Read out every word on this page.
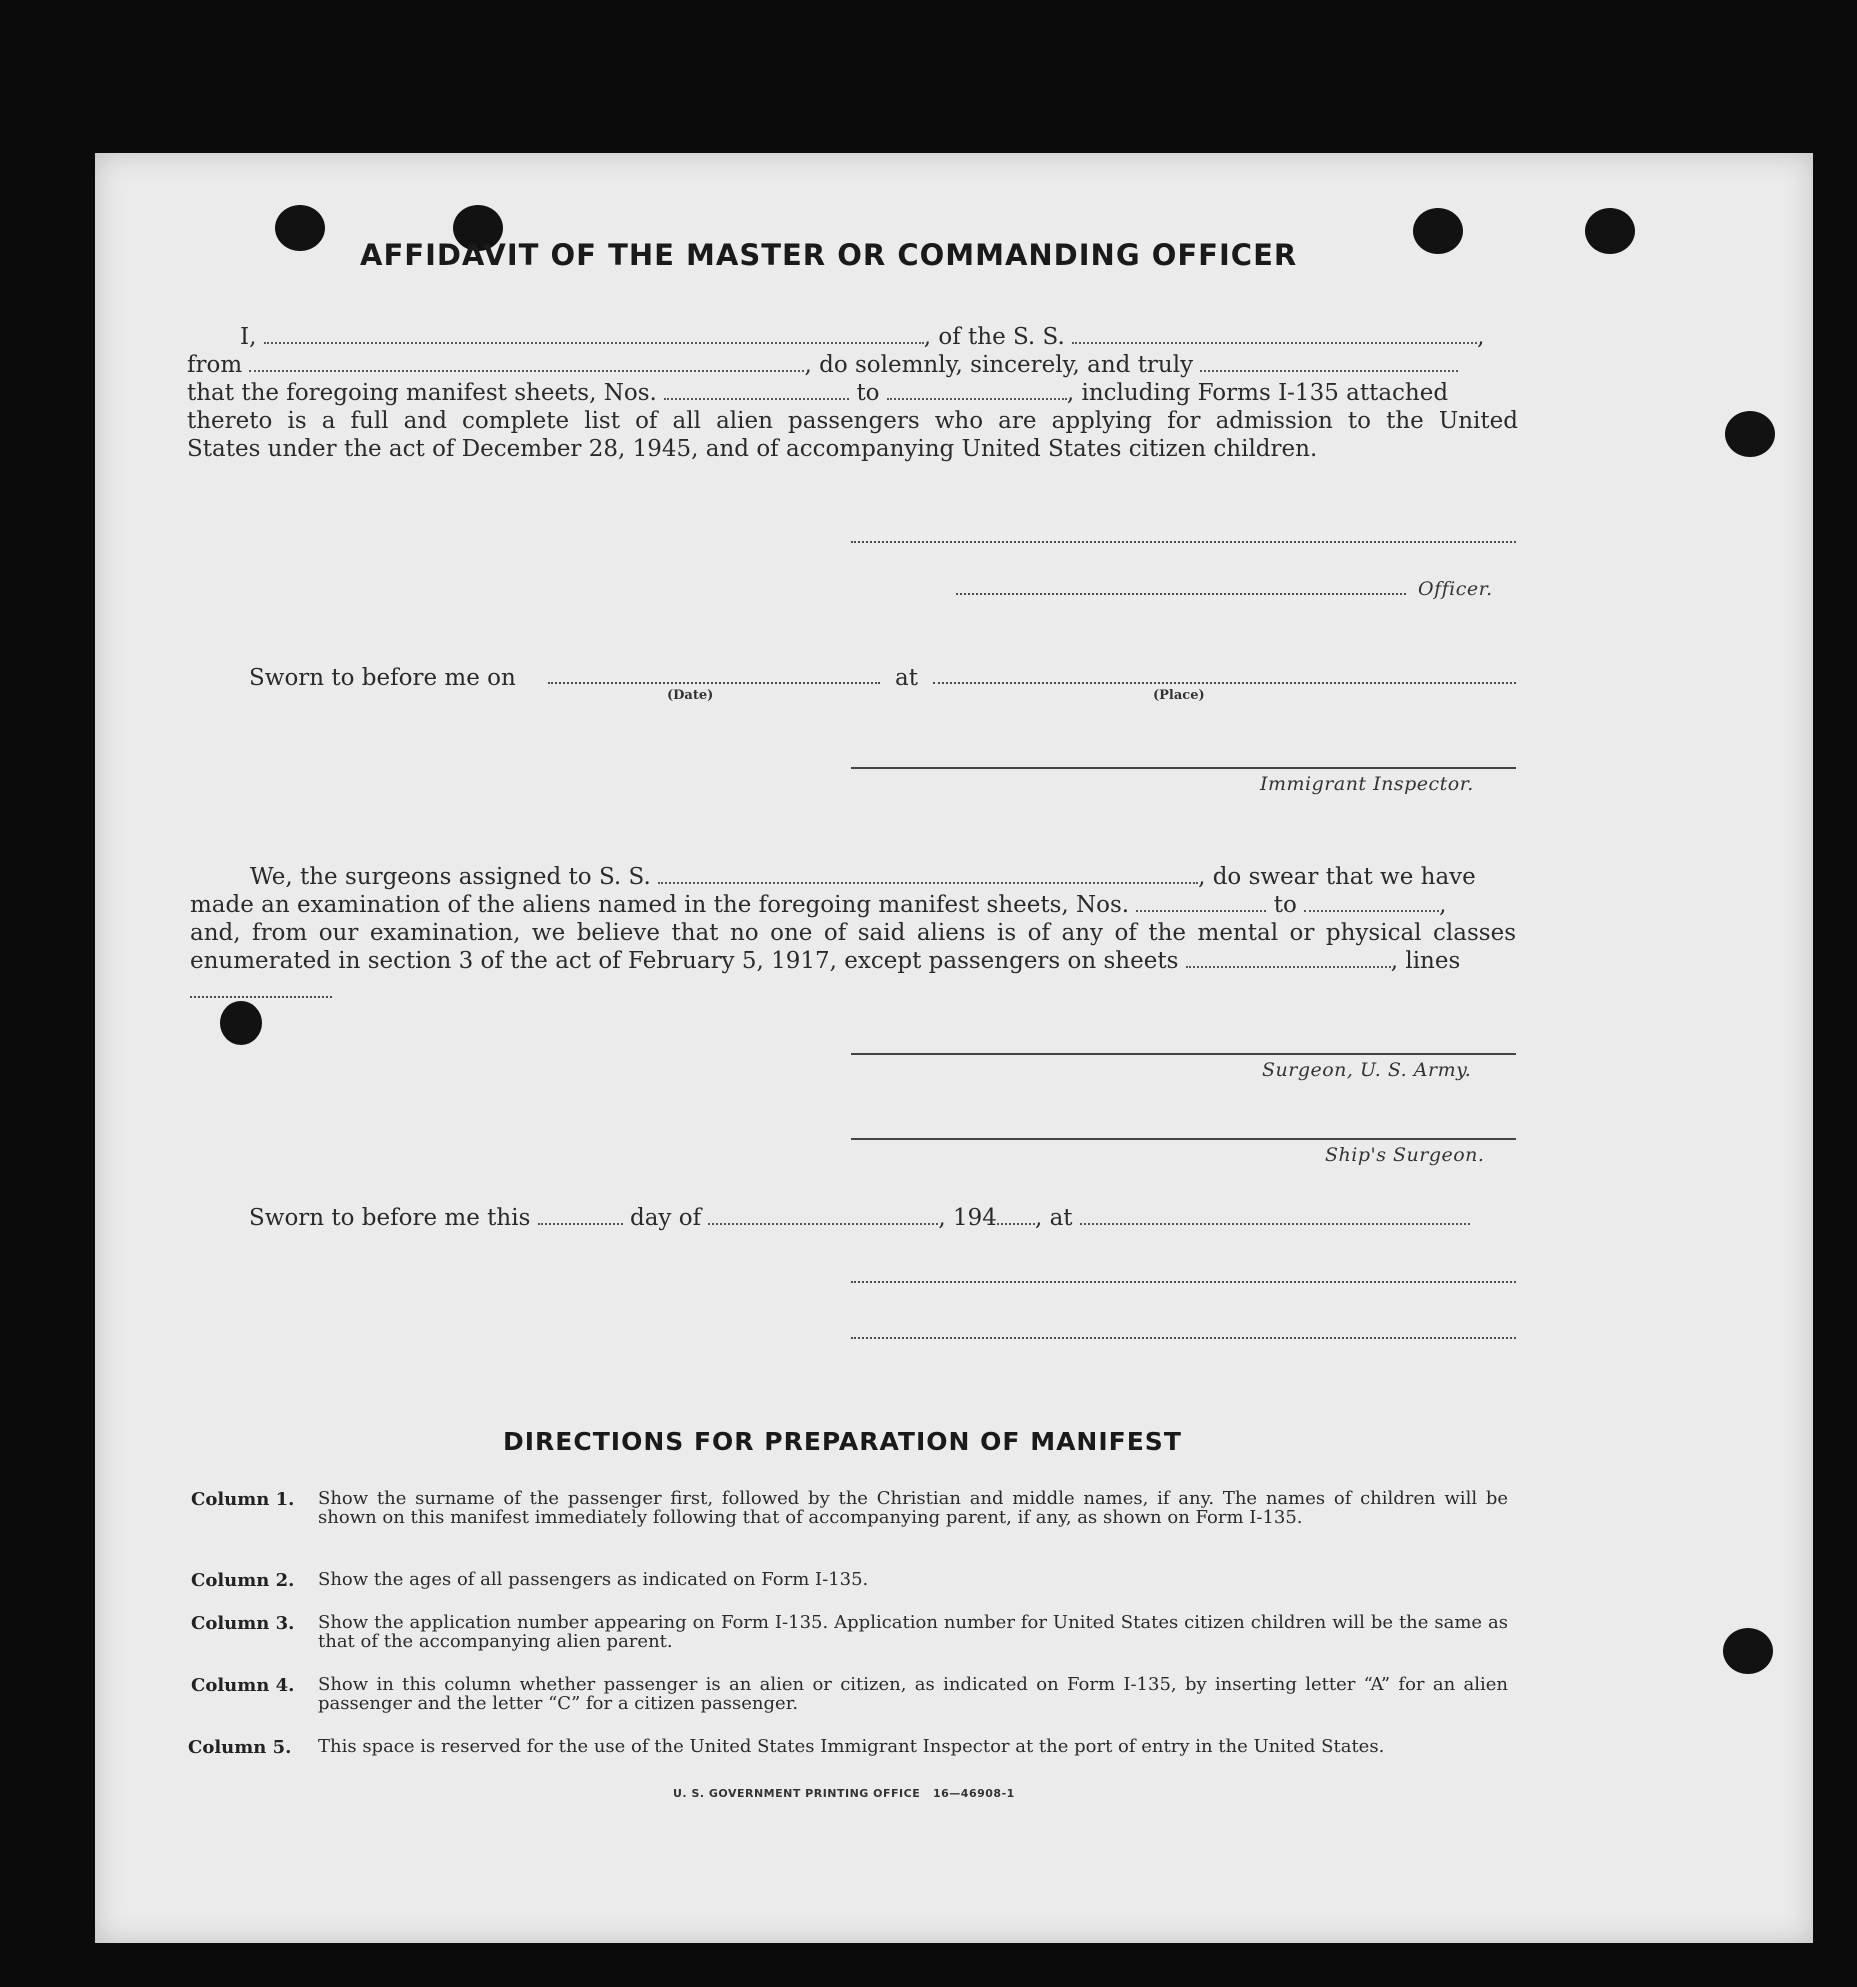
AFFIDAVIT OF THE MASTER OR COMMANDING OFFICER
I,	, of the S. S.	,
from	, do solemnly, sincerely, and truly
that the foregoing manifest sheets, Nos.	to	, including Forms I-135 attached
thereto is a full and complete list of all alien passengers who are applying for admission to the United
States under the act of December 28, 1945, and of accompanying United States citizen children.
Officer.
Sworn to before me on
(Date)
at
(Place)
Immigrant Inspector.
We, the surgeons assigned to S. S.	, do swear that we have
made an examination of the aliens named in the foregoing manifest sheets, Nos.	to	,
and, from our examination, we believe that no one of said aliens is of any of the mental or physical classes
enumerated in section 3 of the act of February 5, 1917, except passengers on sheets	, lines
Surgeon, U. S. Army.
Ship's Surgeon.
Sworn to before me this	day of	, 194 , at
DIRECTIONS FOR PREPARATION OF MANIFEST
Column 1. Show the surname of the passenger first, followed by the Christian and middle names, if any. The names of children will be shown on this manifest immediately following that of accompanying parent, if any, as shown on Form I-135.
Column 2. Show the ages of all passengers as indicated on Form I-135.
Column 3. Show the application number appearing on Form I-135. Application number for United States citizen children will be the same as that of the accompanying alien parent.
Column 4. Show in this column whether passenger is an alien or citizen, as indicated on Form I-135, by inserting letter “A” for an alien passenger and the letter “C” for a citizen passenger.
Column 5. This space is reserved for the use of the United States Immigrant Inspector at the port of entry in the United States.
U. S. GOVERNMENT PRINTING OFFICE 16—46908-1
